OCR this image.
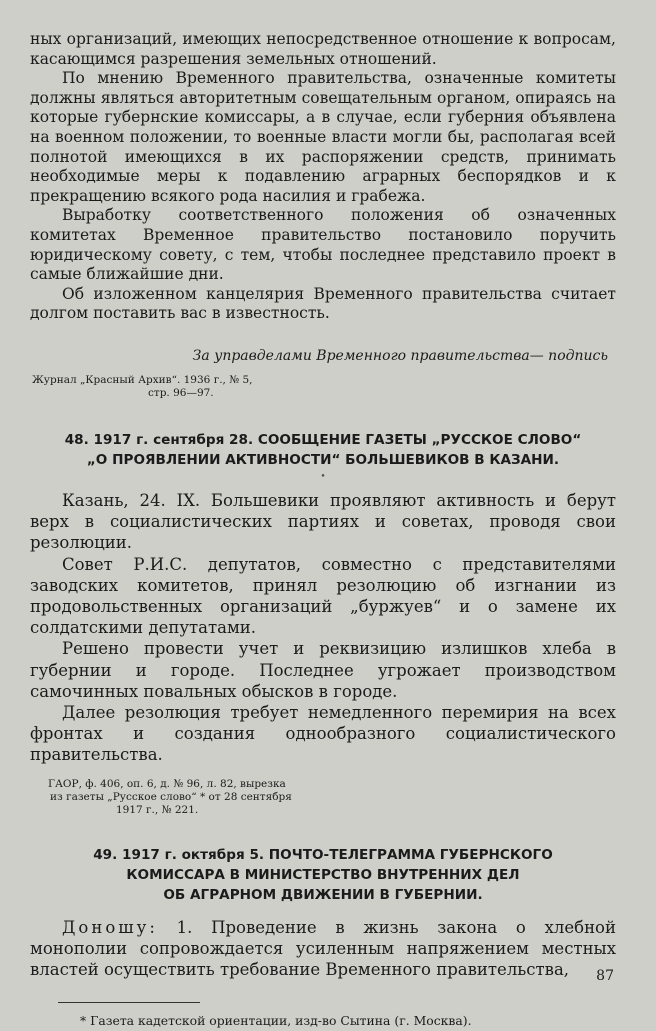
ных организаций, имеющих непосредственное отношение к вопросам, касающимся разрешения земельных отношений.

По мнению Временного правительства, означенные комитеты должны являться авторитетным совещательным органом, опираясь на которые губернские комиссары, а в случае, если губерния объявлена на военном положении, то военные власти могли бы, располагая всей полнотой имеющихся в их распоряжении средств, принимать необходимые меры к подавлению аграрных беспорядков и к прекращению всякого рода насилия и грабежа.

Выработку соответственного положения об означенных комитетах Временное правительство постановило поручить юридическому совету, с тем, чтобы последнее представило проект в самые ближайшие дни.

Об изложенном канцелярия Временного правительства считает долгом поставить вас в известность.

За управделами Временного правительства— подпись
Журнал „Красный Архив“. 1936 г., № 5,
стр. 96—97.
48. 1917 г. сентября 28. СООБЩЕНИЕ ГАЗЕТЫ „РУССКОЕ СЛОВО“
„О ПРОЯВЛЕНИИ АКТИВНОСТИ“ БОЛЬШЕВИКОВ В КАЗАНИ.
•

Казань, 24. IX. Большевики проявляют активность и берут верх в социалистических партиях и советах, проводя свои резолюции.

Совет Р.И.С. депутатов, совместно с представителями заводских комитетов, принял резолюцию об изгнании из продовольственных организаций „буржуев“ и о замене их солдатскими депутатами.

Решено провести учет и реквизицию излишков хлеба в губернии и городе. Последнее угрожает производством самочинных повальных обысков в городе.

Далее резолюция требует немедленного перемирия на всех фронтах и создания однообразного социалистического правительства.

ГАОР, ф. 406, оп. 6, д. № 96, л. 82, вырезка
из газеты „Русское слово“ * от 28 сентября
1917 г., № 221.
49. 1917 г. октября 5. ПОЧТО-ТЕЛЕГРАММА ГУБЕРНСКОГО
КОМИССАРА В МИНИСТЕРСТВО ВНУТРЕННИХ ДЕЛ
ОБ АГРАРНОМ ДВИЖЕНИИ В ГУБЕРНИИ.

Доношу: 1. Проведение в жизнь закона о хлебной монополии сопровождается усиленным напряжением местных властей осуществить требование Временного правительства,

* Газета кадетской ориентации, изд-во Сытина (г. Москва).
87
